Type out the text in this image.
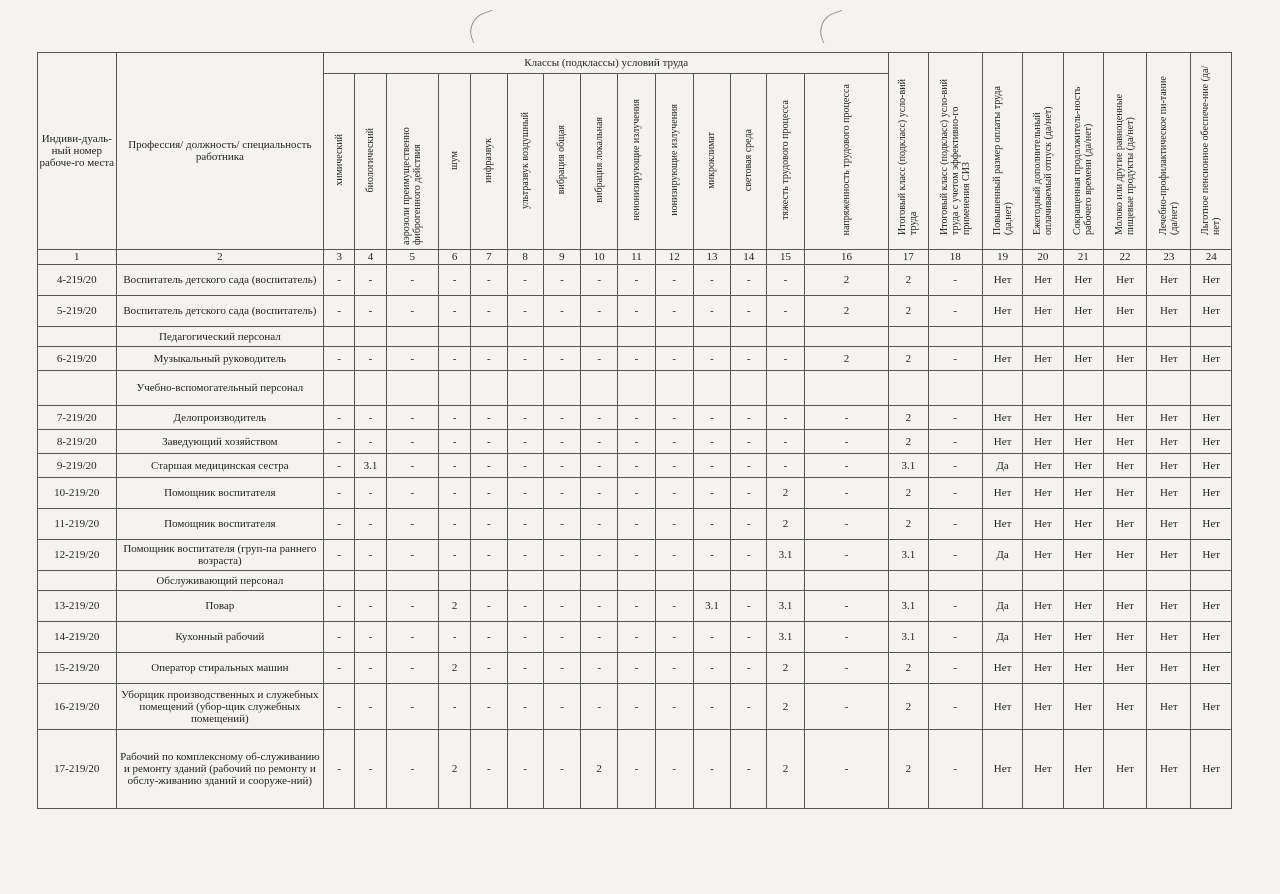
Индиви-дуаль-ный номер рабоче-го места	Профессия/ должность/ специальность работника	Классы (подклассы) условий труда														Итоговый класс (подкласс) усло-вий труда	Итоговый класс (подкласс) усло-вий труда с учетом эффективно-го применения СИЗ	Повышенный размер оплаты труда (да,нет)	Ежегодный дополнительный оплачиваемый отпуск (да/нет)	Сокращенная продолжитель-ность рабочего времени (да/нет)	Молоко или другие равноценные пищевые продукты (да/нет)	Лечебно-профилактическое пи-тание (да/нет)	Льготное пенсионное обеспече-ние (да/нет)
		химический	биологический	аэрозоли преимущественно фиброгенного действия	шум	инфразвук	ультразвук воздушный	вибрация общая	вибрация локальная	неионизирующие излучения	ионизирующие излучения	микроклимат	световая среда	тяжесть трудового процесса	напряженность трудового процесса								
1	2	3	4	5	6	7	8	9	10	11	12	13	14	15	16	17	18	19	20	21	22	23	24
4-219/20	Воспитатель детского сада (воспитатель)	-	-	-	-	-	-	-	-	-	-	-	-	-	2	2	-	Нет	Нет	Нет	Нет	Нет	Нет
5-219/20	Воспитатель детского сада (воспитатель)	-	-	-	-	-	-	-	-	-	-	-	-	-	2	2	-	Нет	Нет	Нет	Нет	Нет	Нет
	Педагогический персонал																						
6-219/20	Музыкальный руководитель	-	-	-	-	-	-	-	-	-	-	-	-	-	2	2	-	Нет	Нет	Нет	Нет	Нет	Нет
	Учебно-вспомогательный персонал																						
7-219/20	Делопроизводитель	-	-	-	-	-	-	-	-	-	-	-	-	-	-	2	-	Нет	Нет	Нет	Нет	Нет	Нет
8-219/20	Заведующий хозяйством	-	-	-	-	-	-	-	-	-	-	-	-	-	-	2	-	Нет	Нет	Нет	Нет	Нет	Нет
9-219/20	Старшая медицинская сестра	-	3.1	-	-	-	-	-	-	-	-	-	-	-	-	3.1	-	Да	Нет	Нет	Нет	Нет	Нет
10-219/20	Помощник воспитателя	-	-	-	-	-	-	-	-	-	-	-	-	2	-	2	-	Нет	Нет	Нет	Нет	Нет	Нет
11-219/20	Помощник воспитателя	-	-	-	-	-	-	-	-	-	-	-	-	2	-	2	-	Нет	Нет	Нет	Нет	Нет	Нет
12-219/20	Помощник воспитателя (груп-па раннего возраста)	-	-	-	-	-	-	-	-	-	-	-	-	3.1	-	3.1	-	Да	Нет	Нет	Нет	Нет	Нет
	Обслуживающий персонал																						
13-219/20	Повар	-	-	-	2	-	-	-	-	-	-	3.1	-	3.1	-	3.1	-	Да	Нет	Нет	Нет	Нет	Нет
14-219/20	Кухонный рабочий	-	-	-	-	-	-	-	-	-	-	-	-	3.1	-	3.1	-	Да	Нет	Нет	Нет	Нет	Нет
15-219/20	Оператор стиральных машин	-	-	-	2	-	-	-	-	-	-	-	-	2	-	2	-	Нет	Нет	Нет	Нет	Нет	Нет
16-219/20	Уборщик производственных и служебных помещений (убор-щик служебных помещений)	-	-	-	-	-	-	-	-	-	-	-	-	2	-	2	-	Нет	Нет	Нет	Нет	Нет	Нет
17-219/20	Рабочий по комплексному об-служиванию и ремонту зданий (рабочий по ремонту и обслу-живанию зданий и сооруже-ний)	-	-	-	2	-	-	-	2	-	-	-	-	2	-	2	-	Нет	Нет	Нет	Нет	Нет	Нет
